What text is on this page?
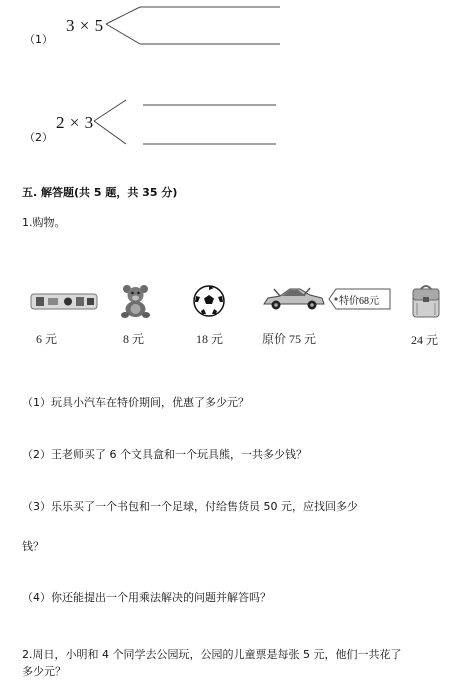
（1）
3 × 5
（2）
2 × 3
五. 解答题(共 5 题，共 35 分)
1.购物。
6 元	8 元	18 元
特价68元
原价 75 元	24 元
（1）玩具小汽车在特价期间，优惠了多少元？
（2）王老师买了 6 个文具盒和一个玩具熊，一共多少钱？
（3）乐乐买了一个书包和一个足球，付给售货员 50 元，应找回多少
钱？
（4）你还能提出一个用乘法解决的问题并解答吗？
2.周日，小明和 4 个同学去公园玩，公园的儿童票是每张 5 元，他们一共花了
多少元？
